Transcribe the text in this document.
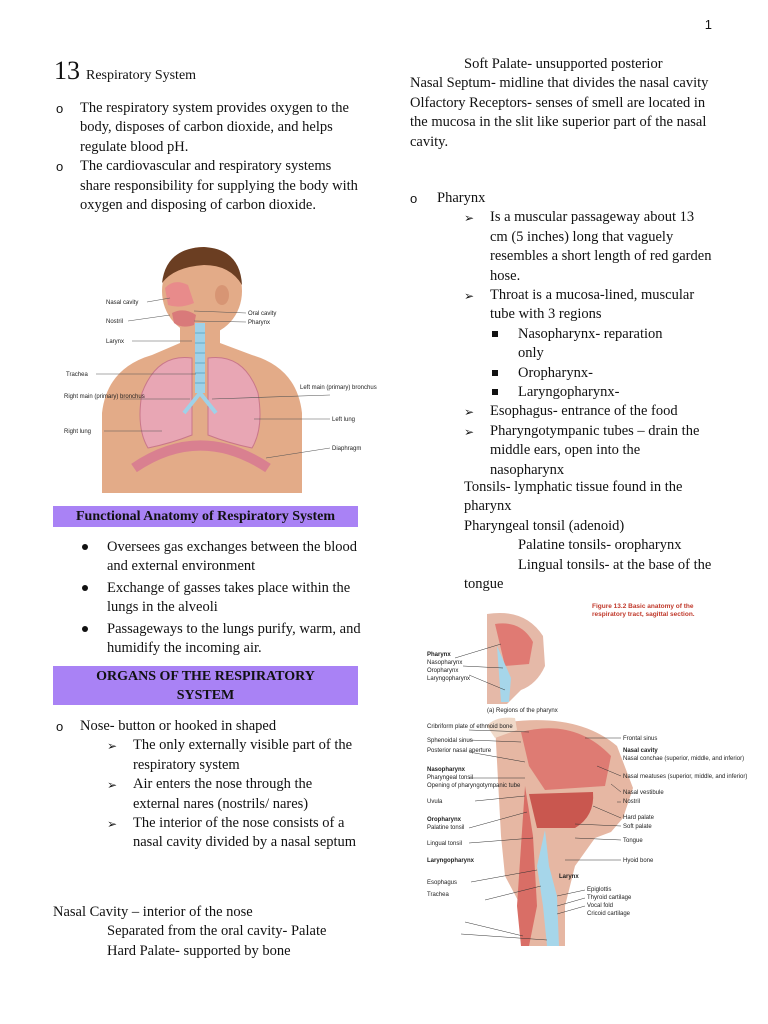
1
13 Respiratory System
o The respiratory system provides oxygen to the body, disposes of carbon dioxide, and helps regulate blood pH.
o The cardiovascular and respiratory systems share responsibility for supplying the body with oxygen and disposing of carbon dioxide.
Nasal cavity
Nostril
Larynx
Trachea
Right main (primary) bronchus
Right lung
Oral cavity
Pharynx
Left main (primary) bronchus
Left lung
Diaphragm
Functional Anatomy of Respiratory System
Oversees gas exchanges between the blood and external environment
Exchange of gasses takes place within the lungs in the alveoli
Passageways to the lungs purify, warm, and humidify the incoming air.
ORGANS OF THE RESPIRATORY SYSTEM
o Nose- button or hooked in shaped
➢ The only externally visible part of the respiratory system
➢ Air enters the nose through the external nares (nostrils/ nares)
➢ The interior of the nose consists of a nasal cavity divided by a nasal septum
Nasal Cavity – interior of the nose
Separated from the oral cavity- Palate
Hard Palate- supported by bone
Soft Palate- unsupported posterior
Nasal Septum- midline that divides the nasal cavity
Olfactory Receptors- senses of smell are located in the mucosa in the slit like superior part of the nasal cavity.
o Pharynx
➢ Is a muscular passageway about 13 cm (5 inches) long that vaguely resembles a short length of red garden hose.
➢ Throat is a mucosa-lined, muscular tube with 3 regions
Nasopharynx- reparation only
Oropharynx-
Laryngopharynx-
➢ Esophagus- entrance of the food
➢ Pharyngotympanic tubes – drain the middle ears, open into the nasopharynx
Tonsils- lymphatic tissue found in the pharynx
Pharyngeal tonsil (adenoid)
Palatine tonsils- oropharynx
Lingual tonsils- at the base of the tongue
Figure 13.2 Basic anatomy of the respiratory tract, sagittal section.
Pharynx
Nasopharynx
Oropharynx
Laryngopharynx
(a) Regions of the pharynx
Cribriform plate of ethmoid bone
Sphenoidal sinus
Posterior nasal aperture
Nasopharynx
Pharyngeal tonsil
Opening of pharyngotympanic tube
Uvula
Oropharynx
Palatine tonsil
Lingual tonsil
Laryngopharynx
Esophagus
Trachea
Frontal sinus
Nasal cavity
Nasal conchae (superior, middle, and inferior)
Nasal meatuses (superior, middle, and inferior)
Nasal vestibule
Nostril
Hard palate
Soft palate
Tongue
Hyoid bone
Larynx
Epiglottis
Thyroid cartilage
Vocal fold
Cricoid cartilage
